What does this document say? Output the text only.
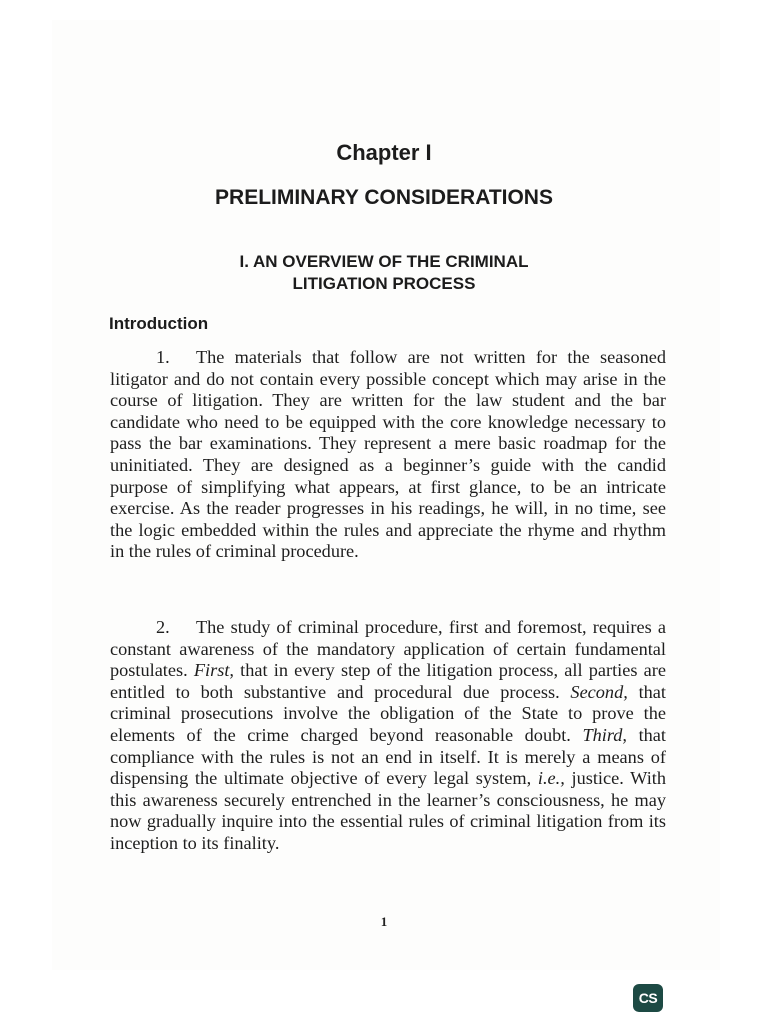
Chapter I
PRELIMINARY CONSIDERATIONS
I. AN OVERVIEW OF THE CRIMINAL
LITIGATION PROCESS
Introduction

1. The materials that follow are not written for the seasoned litigator and do not contain every possible concept which may arise in the course of litigation. They are written for the law student and the bar candidate who need to be equipped with the core knowledge necessary to pass the bar examinations. They represent a mere basic roadmap for the uninitiated. They are designed as a beginner’s guide with the candid purpose of simplifying what appears, at first glance, to be an intricate exercise. As the reader progresses in his readings, he will, in no time, see the logic embedded within the rules and appreciate the rhyme and rhythm in the rules of criminal procedure.

2. The study of criminal procedure, first and foremost, requires a constant awareness of the mandatory application of certain fundamental postulates. First, that in every step of the litigation process, all parties are entitled to both substantive and procedural due process. Second, that criminal prosecutions involve the obligation of the State to prove the elements of the crime charged beyond reasonable doubt. Third, that compliance with the rules is not an end in itself. It is merely a means of dispensing the ultimate objective of every legal system, i.e., justice. With this awareness securely entrenched in the learner’s consciousness, he may now gradually inquire into the essential rules of criminal litigation from its inception to its finality.

1
CS
